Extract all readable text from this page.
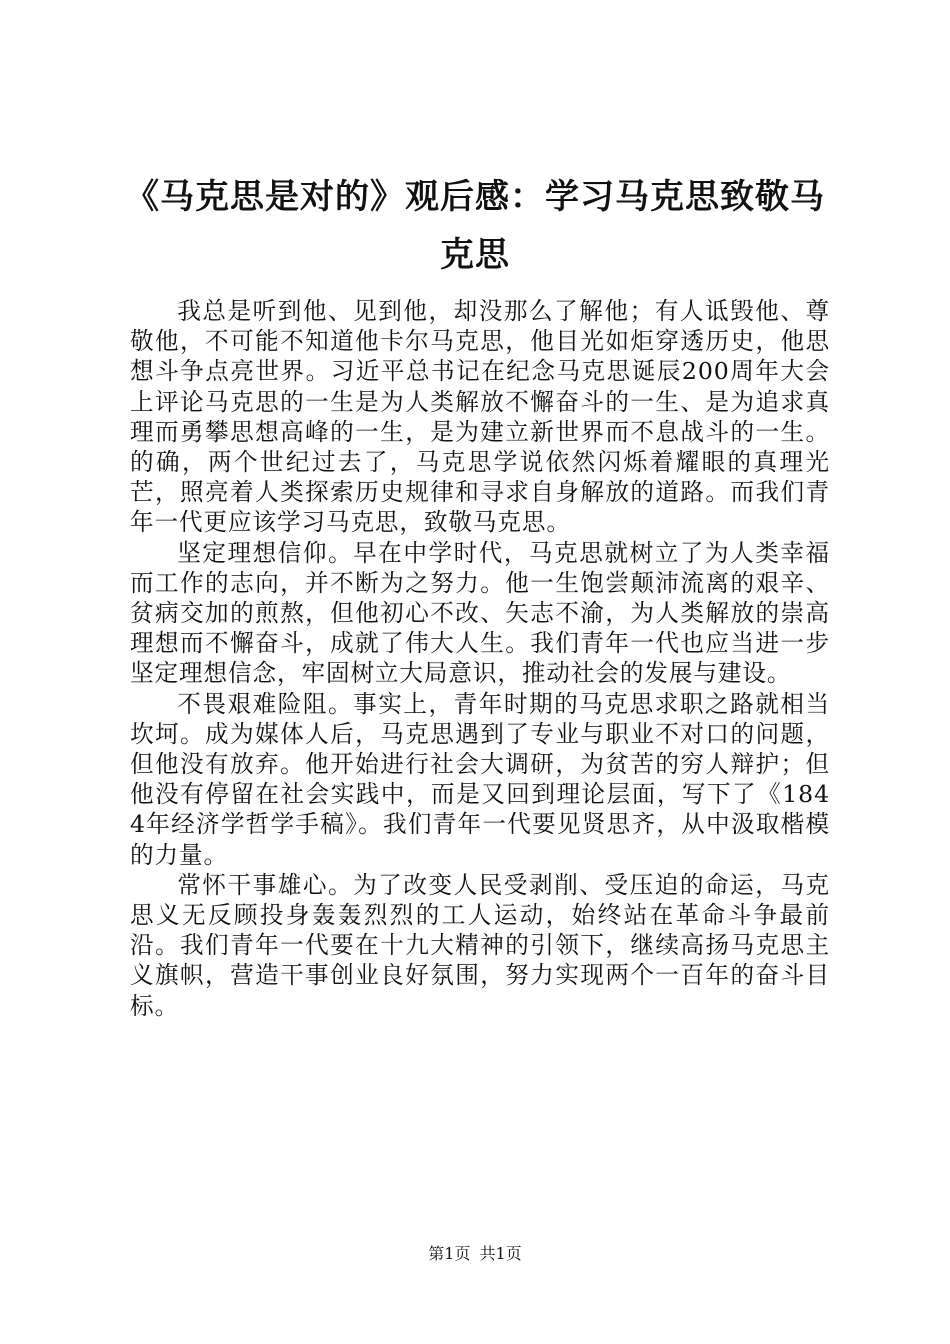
《马克思是对的》观后感：学习马克思致敬马克思

我总是听到他、见到他，却没那么了解他；有人诋毁他、尊敬他，不可能不知道他卡尔马克思，他目光如炬穿透历史，他思想斗争点亮世界。习近平总书记在纪念马克思诞辰200周年大会上评论马克思的一生是为人类解放不懈奋斗的一生、是为追求真理而勇攀思想高峰的一生，是为建立新世界而不息战斗的一生。的确，两个世纪过去了，马克思学说依然闪烁着耀眼的真理光芒，照亮着人类探索历史规律和寻求自身解放的道路。而我们青年一代更应该学习马克思，致敬马克思。

坚定理想信仰。早在中学时代，马克思就树立了为人类幸福而工作的志向，并不断为之努力。他一生饱尝颠沛流离的艰辛、贫病交加的煎熬，但他初心不改、矢志不渝，为人类解放的崇高理想而不懈奋斗，成就了伟大人生。我们青年一代也应当进一步坚定理想信念，牢固树立大局意识，推动社会的发展与建设。

不畏艰难险阻。事实上，青年时期的马克思求职之路就相当坎坷。成为媒体人后，马克思遇到了专业与职业不对口的问题，但他没有放弃。他开始进行社会大调研，为贫苦的穷人辩护；但他没有停留在社会实践中，而是又回到理论层面，写下了《1844年经济学哲学手稿》。我们青年一代要见贤思齐，从中汲取楷模的力量。

常怀干事雄心。为了改变人民受剥削、受压迫的命运，马克思义无反顾投身轰轰烈烈的工人运动，始终站在革命斗争最前沿。我们青年一代要在十九大精神的引领下，继续高扬马克思主义旗帜，营造干事创业良好氛围，努力实现两个一百年的奋斗目标。

第1页 共1页
